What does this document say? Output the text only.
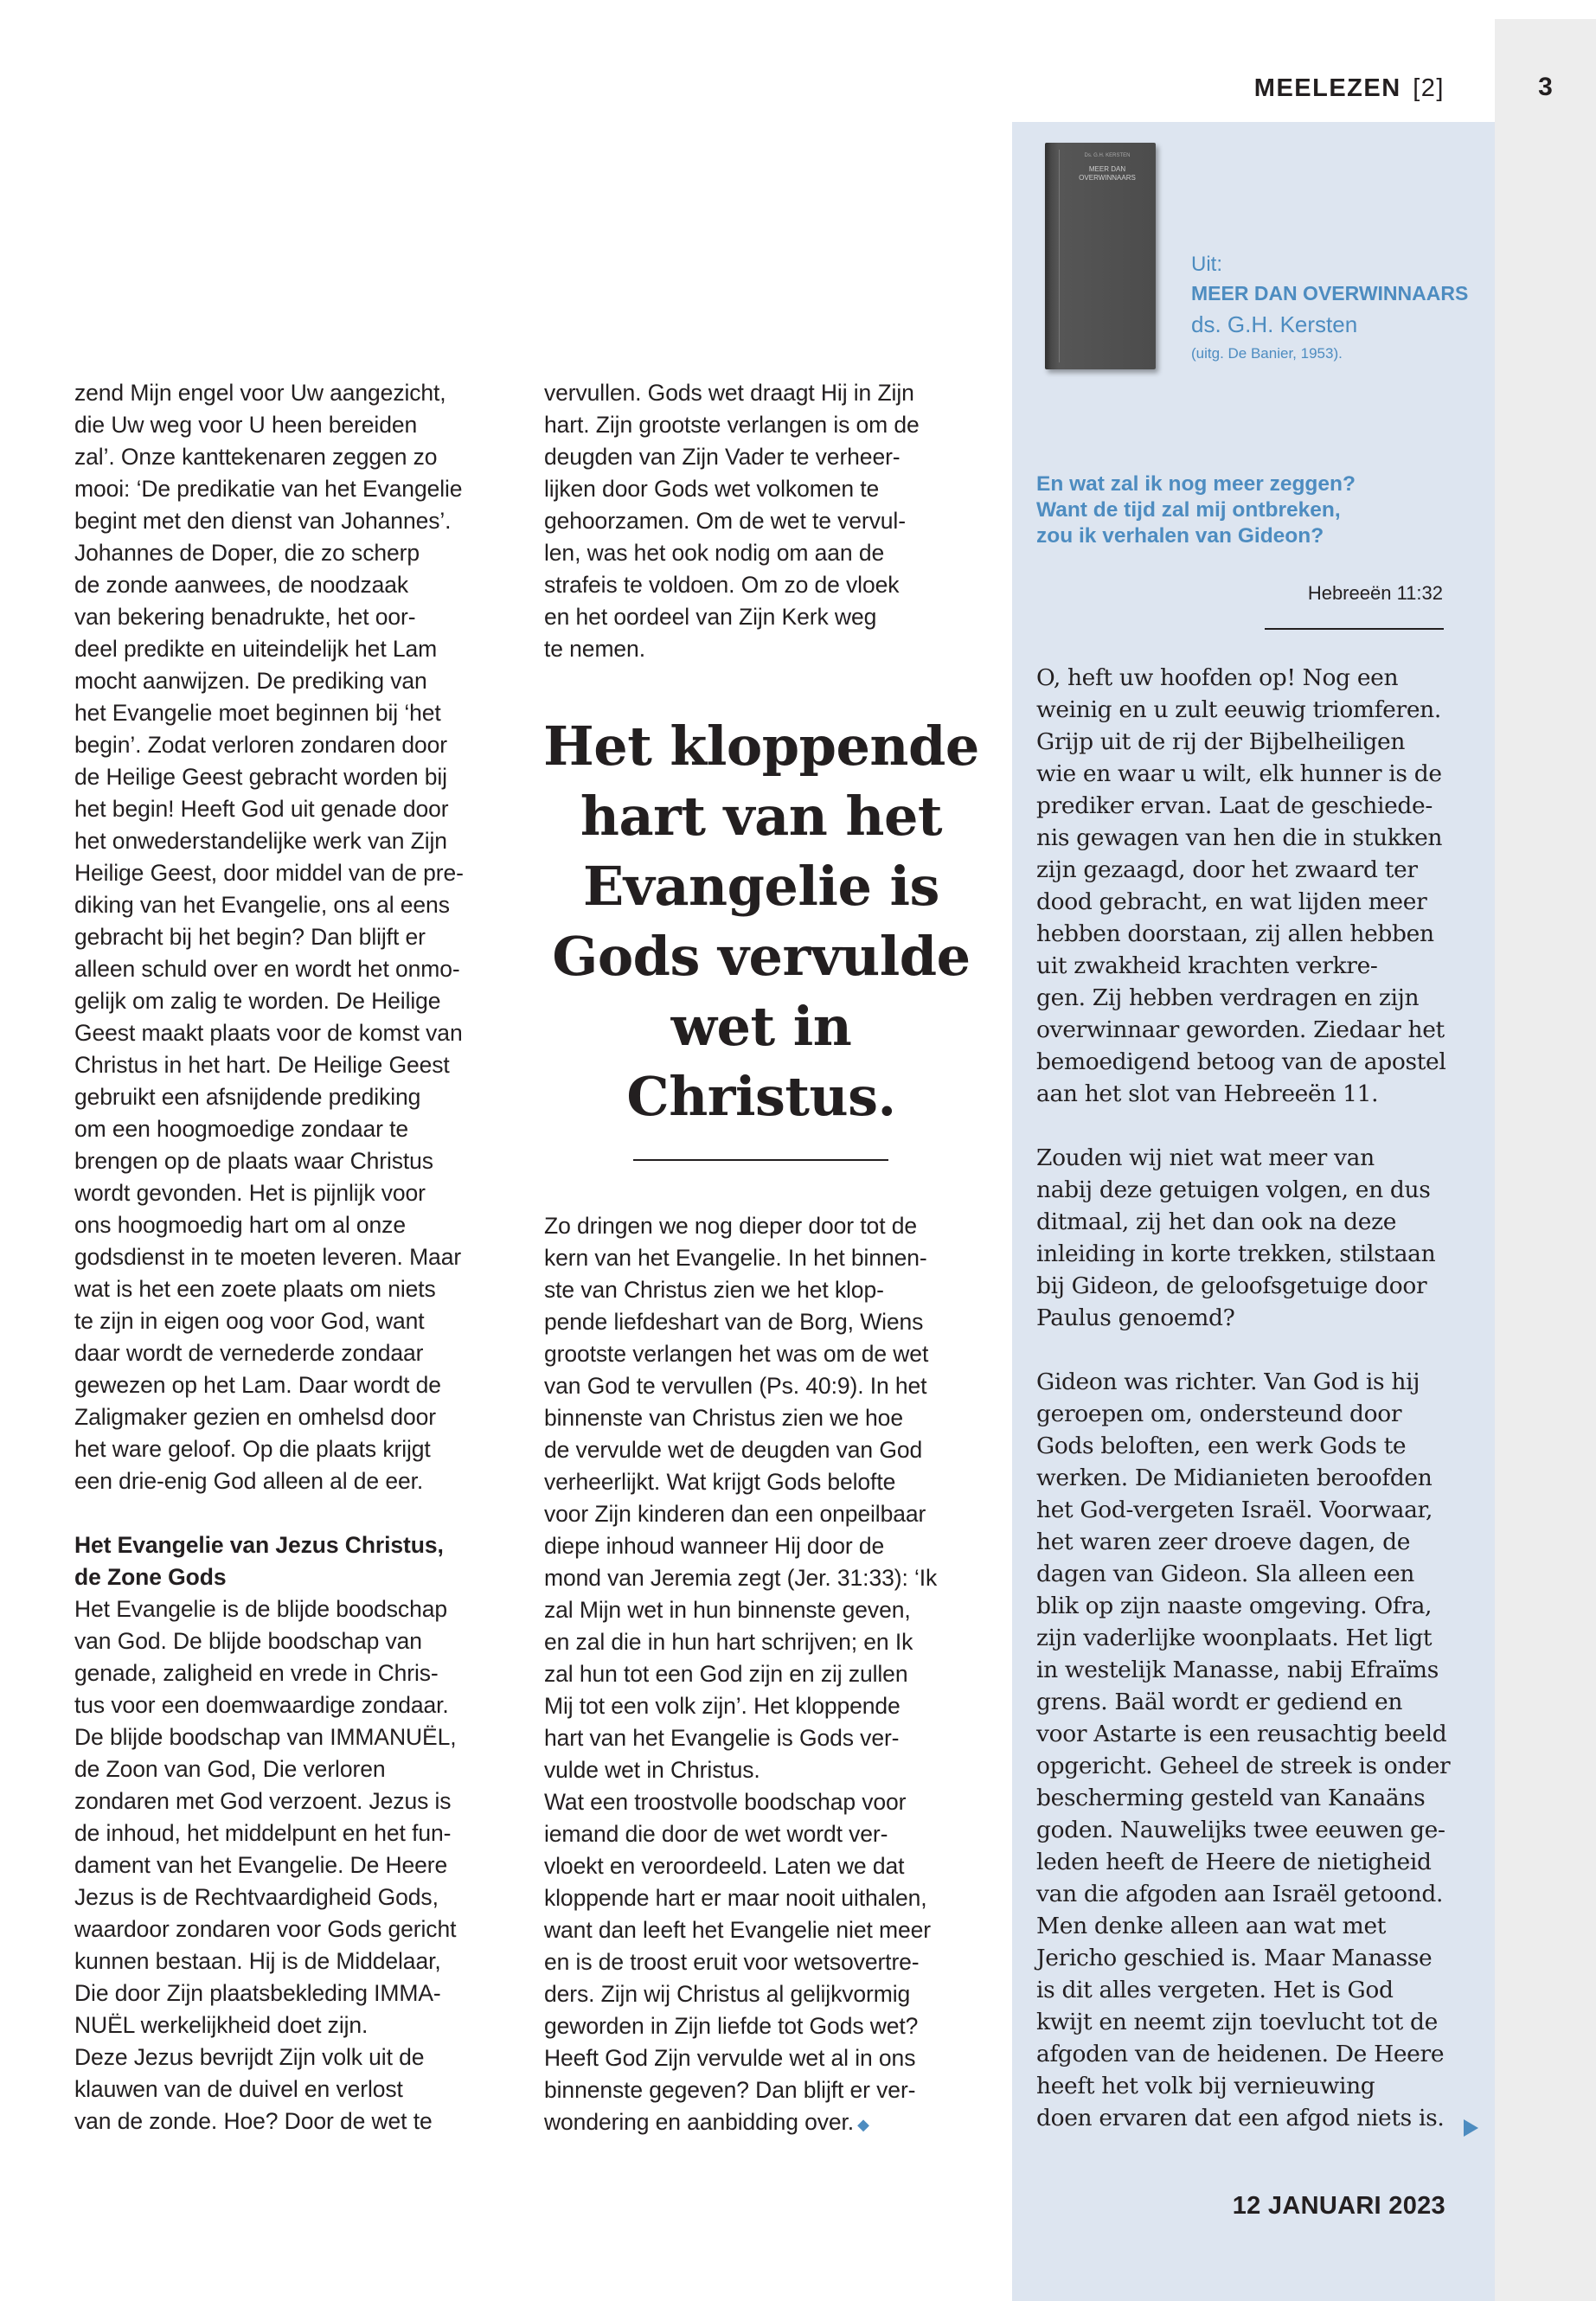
3
MEELEZEN [2]
Ds. G.H. KERSTEN
MEER DAN OVERWINNAARS
Uit:
MEER DAN OVERWINNAARS
ds. G.H. Kersten
(uitg. De Banier, 1953).
En wat zal ik nog meer zeggen?
Want de tijd zal mij ontbreken,
zou ik verhalen van Gideon?
Hebreeën 11:32
O, heft uw hoofden op! Nog een
weinig en u zult eeuwig triomferen.
Grijp uit de rij der Bijbelheiligen
wie en waar u wilt, elk hunner is de
prediker ervan. Laat de geschiede-
nis gewagen van hen die in stukken
zijn gezaagd, door het zwaard ter
dood gebracht, en wat lijden meer
hebben doorstaan, zij allen hebben
uit zwakheid krachten verkre-
gen. Zij hebben verdragen en zijn
overwinnaar geworden. Ziedaar het
bemoedigend betoog van de apostel
aan het slot van Hebreeën 11.
Zouden wij niet wat meer van
nabij deze getuigen volgen, en dus
ditmaal, zij het dan ook na deze
inleiding in korte trekken, stilstaan
bij Gideon, de geloofsgetuige door
Paulus genoemd?
Gideon was richter. Van God is hij
geroepen om, ondersteund door
Gods beloften, een werk Gods te
werken. De Midianieten beroofden
het God-vergeten Israël. Voorwaar,
het waren zeer droeve dagen, de
dagen van Gideon. Sla alleen een
blik op zijn naaste omgeving. Ofra,
zijn vaderlijke woonplaats. Het ligt
in westelijk Manasse, nabij Efraïms
grens. Baäl wordt er gediend en
voor Astarte is een reusachtig beeld
opgericht. Geheel de streek is onder
bescherming gesteld van Kanaäns
goden. Nauwelijks twee eeuwen ge-
leden heeft de Heere de nietigheid
van die afgoden aan Israël getoond.
Men denke alleen aan wat met
Jericho geschied is. Maar Manasse
is dit alles vergeten. Het is God
kwijt en neemt zijn toevlucht tot de
afgoden van de heidenen. De Heere
heeft het volk bij vernieuwing
doen ervaren dat een afgod niets is.
12 JANUARI 2023
zend Mijn engel voor Uw aangezicht,
die Uw weg voor U heen bereiden
zal’. Onze kanttekenaren zeggen zo
mooi: ‘De predikatie van het Evangelie
begint met den dienst van Johannes’.
Johannes de Doper, die zo scherp
de zonde aanwees, de noodzaak
van bekering benadrukte, het oor-
deel predikte en uiteindelijk het Lam
mocht aanwijzen. De prediking van
het Evangelie moet beginnen bij ‘het
begin’. Zodat verloren zondaren door
de Heilige Geest gebracht worden bij
het begin! Heeft God uit genade door
het onwederstandelijke werk van Zijn
Heilige Geest, door middel van de pre-
diking van het Evangelie, ons al eens
gebracht bij het begin? Dan blijft er
alleen schuld over en wordt het onmo-
gelijk om zalig te worden. De Heilige
Geest maakt plaats voor de komst van
Christus in het hart. De Heilige Geest
gebruikt een afsnijdende prediking
om een hoogmoedige zondaar te
brengen op de plaats waar Christus
wordt gevonden. Het is pijnlijk voor
ons hoogmoedig hart om al onze
godsdienst in te moeten leveren. Maar
wat is het een zoete plaats om niets
te zijn in eigen oog voor God, want
daar wordt de vernederde zondaar
gewezen op het Lam. Daar wordt de
Zaligmaker gezien en omhelsd door
het ware geloof. Op die plaats krijgt
een drie-enig God alleen al de eer.
Het Evangelie van Jezus Christus,
de Zone Gods
Het Evangelie is de blijde boodschap
van God. De blijde boodschap van
genade, zaligheid en vrede in Chris-
tus voor een doemwaardige zondaar.
De blijde boodschap van IMMANUËL,
de Zoon van God, Die verloren
zondaren met God verzoent. Jezus is
de inhoud, het middelpunt en het fun-
dament van het Evangelie. De Heere
Jezus is de Rechtvaardigheid Gods,
waardoor zondaren voor Gods gericht
kunnen bestaan. Hij is de Middelaar,
Die door Zijn plaatsbekleding IMMA-
NUËL werkelijkheid doet zijn.
Deze Jezus bevrijdt Zijn volk uit de
klauwen van de duivel en verlost
van de zonde. Hoe? Door de wet te
vervullen. Gods wet draagt Hij in Zijn
hart. Zijn grootste verlangen is om de
deugden van Zijn Vader te verheer-
lijken door Gods wet volkomen te
gehoorzamen. Om de wet te vervul-
len, was het ook nodig om aan de
strafeis te voldoen. Om zo de vloek
en het oordeel van Zijn Kerk weg
te nemen.
Het kloppende
hart van het
Evangelie is
Gods vervulde
wet in
Christus.
Zo dringen we nog dieper door tot de
kern van het Evangelie. In het binnen-
ste van Christus zien we het klop-
pende liefdeshart van de Borg, Wiens
grootste verlangen het was om de wet
van God te vervullen (Ps. 40:9). In het
binnenste van Christus zien we hoe
de vervulde wet de deugden van God
verheerlijkt. Wat krijgt Gods belofte
voor Zijn kinderen dan een onpeilbaar
diepe inhoud wanneer Hij door de
mond van Jeremia zegt (Jer. 31:33): ‘Ik
zal Mijn wet in hun binnenste geven,
en zal die in hun hart schrijven; en Ik
zal hun tot een God zijn en zij zullen
Mij tot een volk zijn’. Het kloppende
hart van het Evangelie is Gods ver-
vulde wet in Christus.
Wat een troostvolle boodschap voor
iemand die door de wet wordt ver-
vloekt en veroordeeld. Laten we dat
kloppende hart er maar nooit uithalen,
want dan leeft het Evangelie niet meer
en is de troost eruit voor wetsovertre-
ders. Zijn wij Christus al gelijkvormig
geworden in Zijn liefde tot Gods wet?
Heeft God Zijn vervulde wet al in ons
binnenste gegeven? Dan blijft er ver-
wondering en aanbidding over. ◆
